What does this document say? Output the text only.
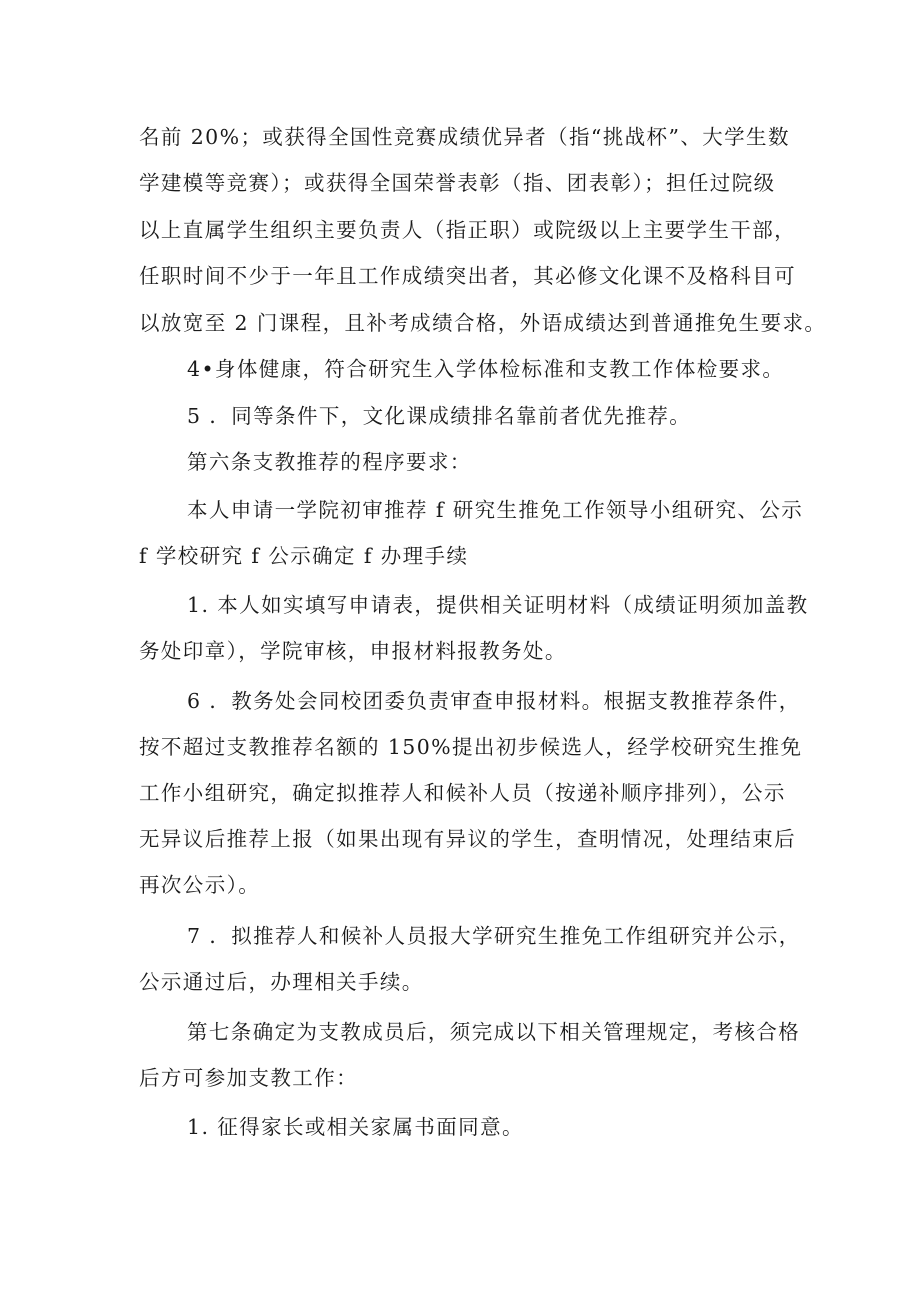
名前 20%；或获得全国性竞赛成绩优异者（指“挑战杯”、大学生数
学建模等竞赛）；或获得全国荣誉表彰（指、团表彰）；担任过院级
以上直属学生组织主要负责人（指正职）或院级以上主要学生干部，
任职时间不少于一年且工作成绩突出者，其必修文化课不及格科目可
以放宽至 2 门课程，且补考成绩合格，外语成绩达到普通推免生要求。
4•身体健康，符合研究生入学体检标准和支教工作体检要求。
5 ．同等条件下，文化课成绩排名靠前者优先推荐。
第六条支教推荐的程序要求：
本人申请一学院初审推荐 f 研究生推免工作领导小组研究、公示
f 学校研究 f 公示确定 f 办理手续
1. 本人如实填写申请表，提供相关证明材料（成绩证明须加盖教
务处印章），学院审核，申报材料报教务处。
6 ．教务处会同校团委负责审查申报材料。根据支教推荐条件，
按不超过支教推荐名额的 150%提出初步候选人，经学校研究生推免
工作小组研究，确定拟推荐人和候补人员（按递补顺序排列），公示
无异议后推荐上报（如果出现有异议的学生，查明情况，处理结束后
再次公示）。
7 ．拟推荐人和候补人员报大学研究生推免工作组研究并公示，
公示通过后，办理相关手续。
第七条确定为支教成员后，须完成以下相关管理规定，考核合格
后方可参加支教工作：
1. 征得家长或相关家属书面同意。
